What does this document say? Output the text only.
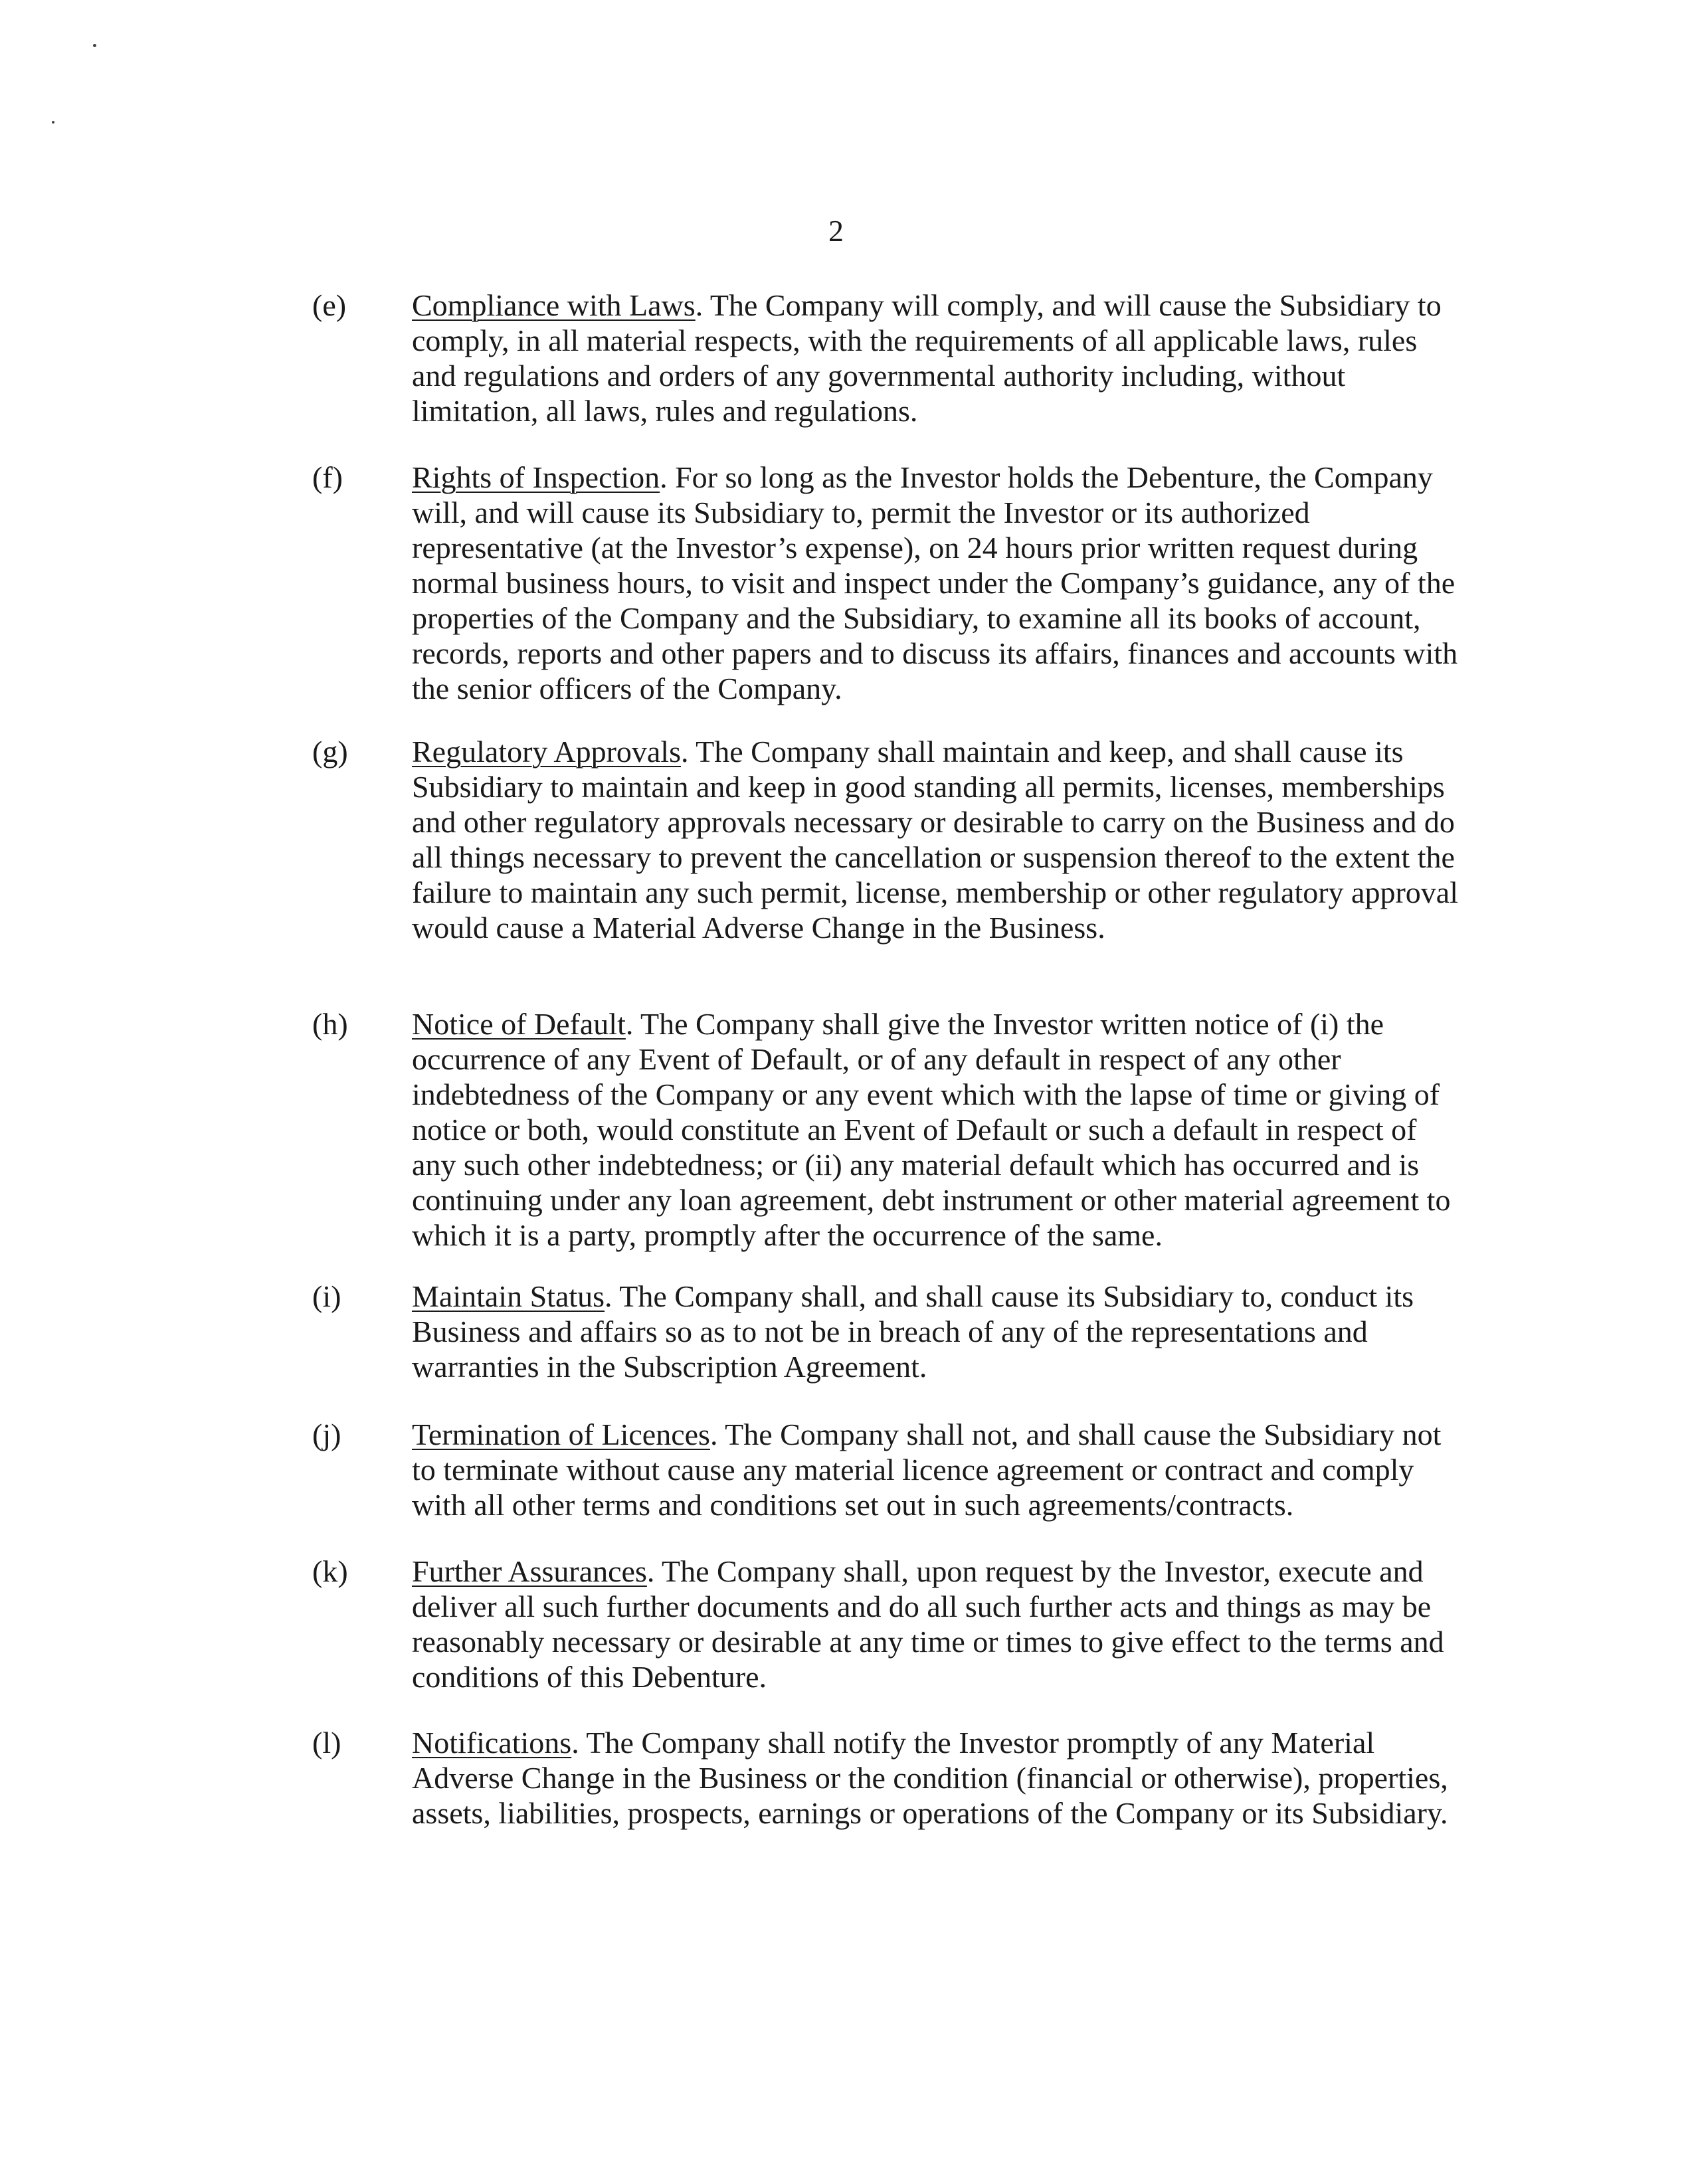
2
(e)	Compliance with Laws. The Company will comply, and will cause the Subsidiary to comply, in all material respects, with the requirements of all applicable laws, rules and regulations and orders of any governmental authority including, without limitation, all laws, rules and regulations.
(f)	Rights of Inspection. For so long as the Investor holds the Debenture, the Company will, and will cause its Subsidiary to, permit the Investor or its authorized representative (at the Investor’s expense), on 24 hours prior written request during normal business hours, to visit and inspect under the Company’s guidance, any of the properties of the Company and the Subsidiary, to examine all its books of account, records, reports and other papers and to discuss its affairs, finances and accounts with the senior officers of the Company.
(g)	Regulatory Approvals. The Company shall maintain and keep, and shall cause its Subsidiary to maintain and keep in good standing all permits, licenses, memberships and other regulatory approvals necessary or desirable to carry on the Business and do all things necessary to prevent the cancellation or suspension thereof to the extent the failure to maintain any such permit, license, membership or other regulatory approval would cause a Material Adverse Change in the Business.
(h)	Notice of Default. The Company shall give the Investor written notice of (i) the occurrence of any Event of Default, or of any default in respect of any other indebtedness of the Company or any event which with the lapse of time or giving of notice or both, would constitute an Event of Default or such a default in respect of any such other indebtedness; or (ii) any material default which has occurred and is continuing under any loan agreement, debt instrument or other material agreement to which it is a party, promptly after the occurrence of the same.
(i)	Maintain Status. The Company shall, and shall cause its Subsidiary to, conduct its Business and affairs so as to not be in breach of any of the representations and warranties in the Subscription Agreement.
(j)	Termination of Licences. The Company shall not, and shall cause the Subsidiary not to terminate without cause any material licence agreement or contract and comply with all other terms and conditions set out in such agreements/contracts.
(k)	Further Assurances. The Company shall, upon request by the Investor, execute and deliver all such further documents and do all such further acts and things as may be reasonably necessary or desirable at any time or times to give effect to the terms and conditions of this Debenture.
(l)	Notifications. The Company shall notify the Investor promptly of any Material Adverse Change in the Business or the condition (financial or otherwise), properties, assets, liabilities, prospects, earnings or operations of the Company or its Subsidiary.
